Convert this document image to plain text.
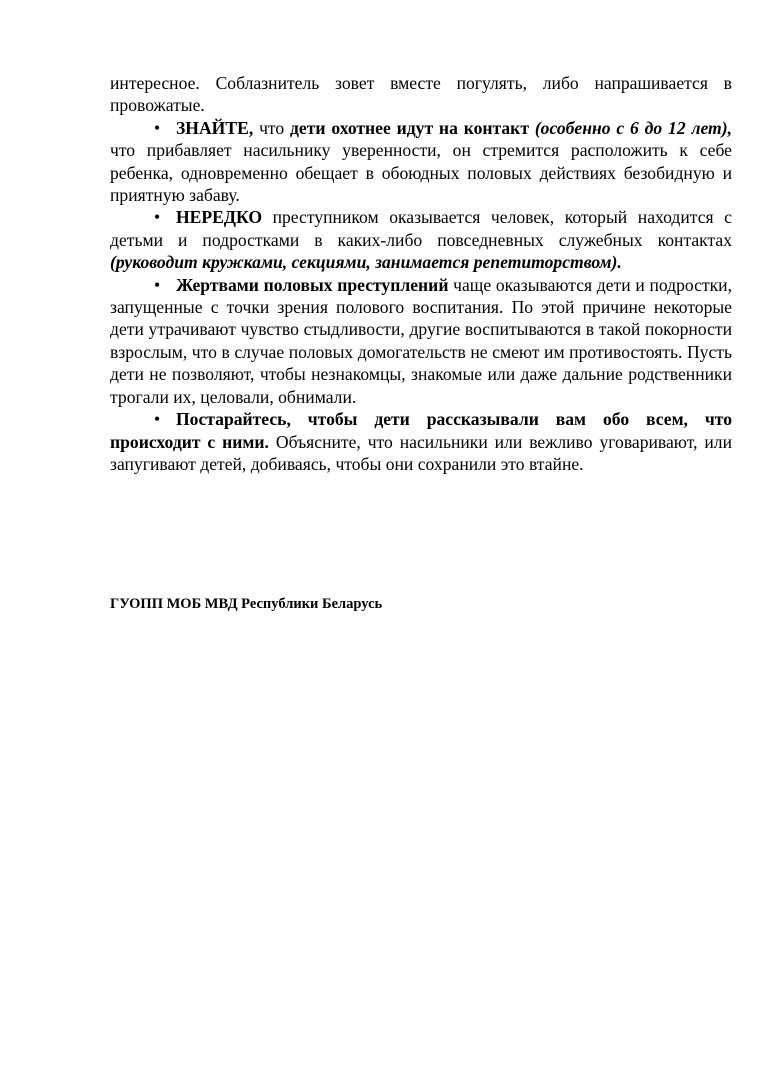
интересное. Соблазнитель зовет вместе погулять, либо напрашивается в провожатые.

• ЗНАЙТЕ, что дети охотнее идут на контакт (особенно с 6 до 12 лет), что прибавляет насильнику уверенности, он стремится расположить к себе ребенка, одновременно обещает в обоюдных половых действиях безобидную и приятную забаву.

• НЕРЕДКО преступником оказывается человек, который находится с детьми и подростками в каких-либо повседневных служебных контактах (руководит кружками, секциями, занимается репетиторством).

• Жертвами половых преступлений чаще оказываются дети и подростки, запущенные с точки зрения полового воспитания. По этой причине некоторые дети утрачивают чувство стыдливости, другие воспитываются в такой покорности взрослым, что в случае половых домогательств не смеют им противостоять. Пусть дети не позволяют, чтобы незнакомцы, знакомые или даже дальние родственники трогали их, целовали, обнимали.

• Постарайтесь, чтобы дети рассказывали вам обо всем, что происходит с ними. Объясните, что насильники или вежливо уговаривают, или запугивают детей, добиваясь, чтобы они сохранили это втайне.

ГУОПП МОБ МВД Республики Беларусь
